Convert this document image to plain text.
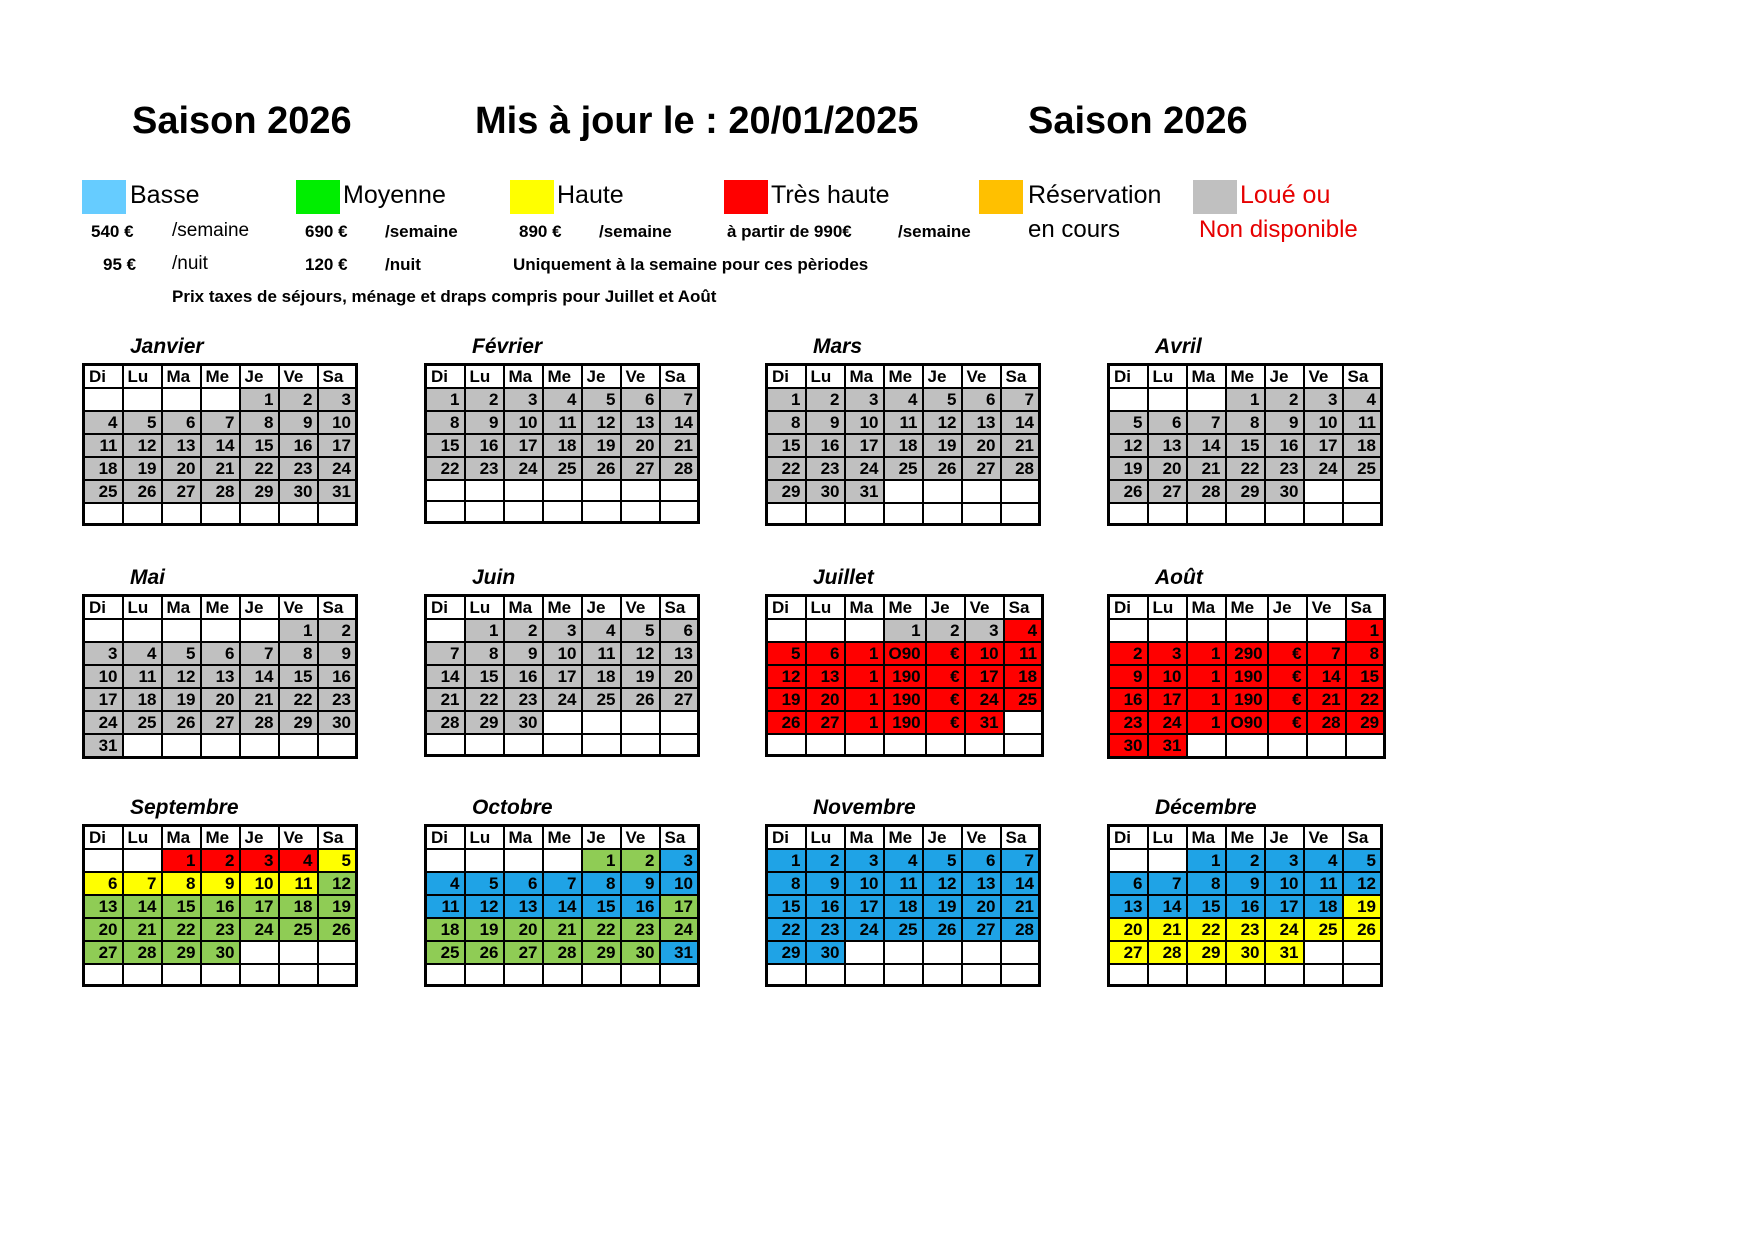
Saison 2026	Mis à jour le : 20/01/2025	Saison 2026
Basse	Moyenne	Haute	Très haute	Réservation	Loué ou
540 € /semaine	690 € /semaine	890 € /semaine	à partir de 990€	/semaine en cours	Non disponible
95 € /nuit	120 € /nuit	Uniquement à la semaine pour ces pèriodes
Prix taxes de séjours, ménage et draps compris pour Juillet et Août
Janvier
Di	Lu	Ma	Me	Je	Ve	Sa
				1	2	3
4	5	6	7	8	9	10
11	12	13	14	15	16	17
18	19	20	21	22	23	24
25	26	27	28	29	30	31

Février
Di	Lu	Ma	Me	Je	Ve	Sa
1	2	3	4	5	6	7
8	9	10	11	12	13	14
15	16	17	18	19	20	21
22	23	24	25	26	27	28

Mars
Di	Lu	Ma	Me	Je	Ve	Sa
1	2	3	4	5	6	7
8	9	10	11	12	13	14
15	16	17	18	19	20	21
22	23	24	25	26	27	28
29	30	31				

Avril
Di	Lu	Ma	Me	Je	Ve	Sa
			1	2	3	4
5	6	7	8	9	10	11
12	13	14	15	16	17	18
19	20	21	22	23	24	25
26	27	28	29	30		

Mai
Di	Lu	Ma	Me	Je	Ve	Sa
					1	2
3	4	5	6	7	8	9
10	11	12	13	14	15	16
17	18	19	20	21	22	23
24	25	26	27	28	29	30
31						
Juin
Di	Lu	Ma	Me	Je	Ve	Sa
	1	2	3	4	5	6
7	8	9	10	11	12	13
14	15	16	17	18	19	20
21	22	23	24	25	26	27
28	29	30				

Juillet
Di	Lu	Ma	Me	Je	Ve	Sa
			1	2	3	4
5	6	1	O90	€	10	11
12	13	1	190	€	17	18
19	20	1	190	€	24	25
26	27	1	190	€	31	

Août
Di	Lu	Ma	Me	Je	Ve	Sa
						1
2	3	1	290	€	7	8
9	10	1	190	€	14	15
16	17	1	190	€	21	22
23	24	1	O90	€	28	29
30	31					
Septembre
Di	Lu	Ma	Me	Je	Ve	Sa
		1	2	3	4	5
6	7	8	9	10	11	12
13	14	15	16	17	18	19
20	21	22	23	24	25	26
27	28	29	30			

Octobre
Di	Lu	Ma	Me	Je	Ve	Sa
				1	2	3
4	5	6	7	8	9	10
11	12	13	14	15	16	17
18	19	20	21	22	23	24
25	26	27	28	29	30	31

Novembre
Di	Lu	Ma	Me	Je	Ve	Sa
1	2	3	4	5	6	7
8	9	10	11	12	13	14
15	16	17	18	19	20	21
22	23	24	25	26	27	28
29	30					

Décembre
Di	Lu	Ma	Me	Je	Ve	Sa
		1	2	3	4	5
6	7	8	9	10	11	12
13	14	15	16	17	18	19
20	21	22	23	24	25	26
27	28	29	30	31		
